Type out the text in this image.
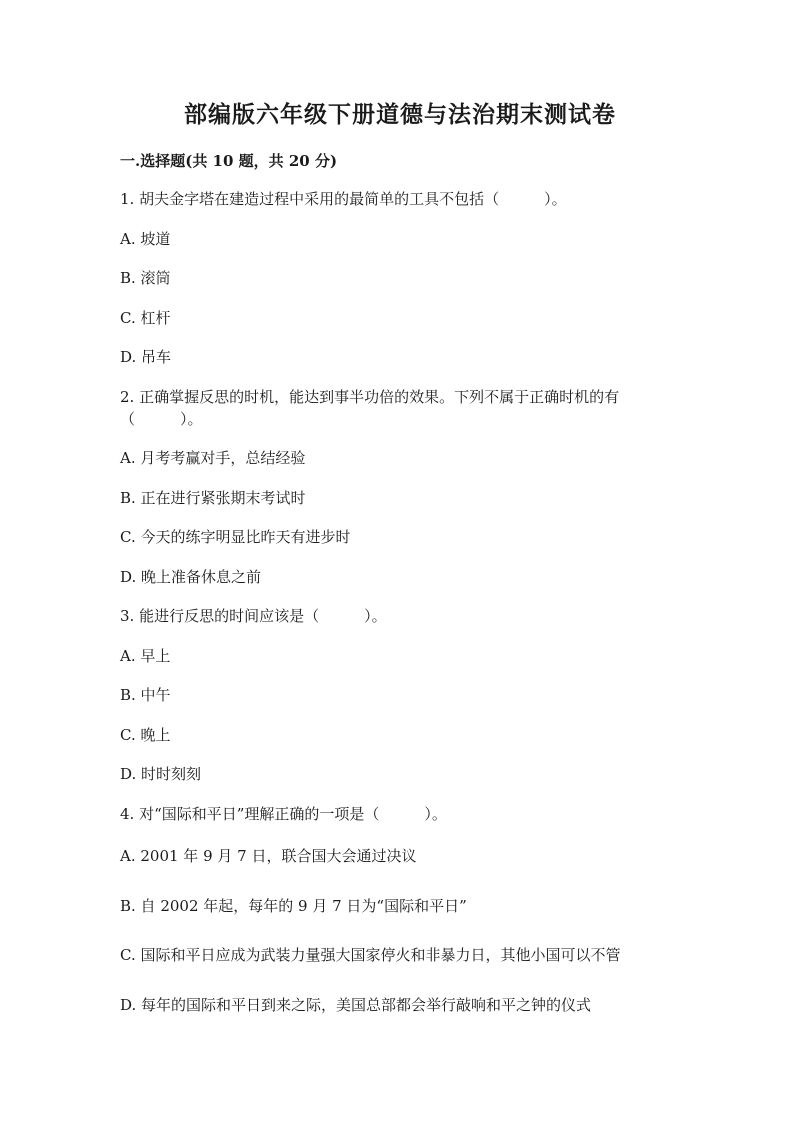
部编版六年级下册道德与法治期末测试卷
一.选择题(共 10 题，共 20 分)
1. 胡夫金字塔在建造过程中采用的最简单的工具不包括（　　　）。
A. 坡道
B. 滚筒
C. 杠杆
D. 吊车
2. 正确掌握反思的时机，能达到事半功倍的效果。下列不属于正确时机的有
（　　　）。
A. 月考考赢对手，总结经验
B. 正在进行紧张期末考试时
C. 今天的练字明显比昨天有进步时
D. 晚上准备休息之前
3. 能进行反思的时间应该是（　　　）。
A. 早上
B. 中午
C. 晚上
D. 时时刻刻
4. 对“国际和平日”理解正确的一项是（　　　）。
A. 2001 年 9 月 7 日，联合国大会通过决议
B. 自 2002 年起，每年的 9 月 7 日为“国际和平日”
C. 国际和平日应成为武装力量强大国家停火和非暴力日，其他小国可以不管
D. 每年的国际和平日到来之际，美国总部都会举行敲响和平之钟的仪式
